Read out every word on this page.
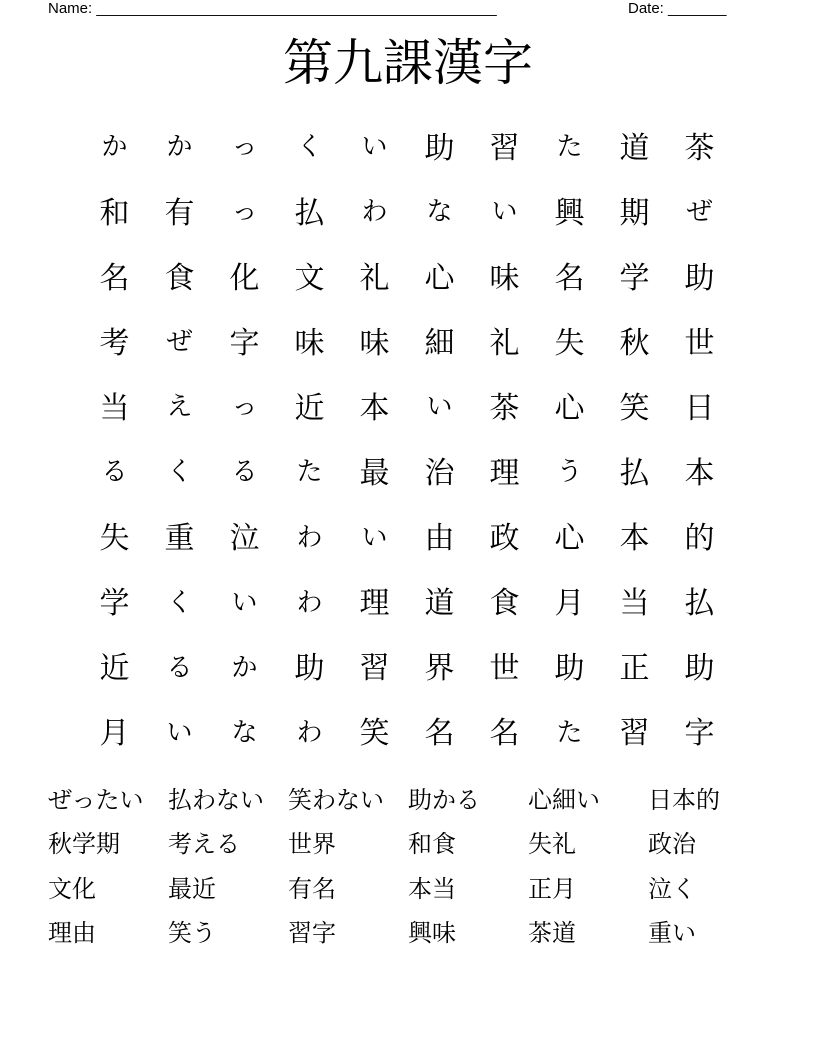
Name: ________________________________________________	Date: _______
第九課漢字
か	か	っ	く	い	助	習	た	道	茶
和	有	っ	払	わ	な	い	興	期	ぜ
名	食	化	文	礼	心	味	名	学	助
考	ぜ	字	味	味	細	礼	失	秋	世
当	え	っ	近	本	い	茶	心	笑	日
る	く	る	た	最	治	理	う	払	本
失	重	泣	わ	い	由	政	心	本	的
学	く	い	わ	理	道	食	月	当	払
近	る	か	助	習	界	世	助	正	助
月	い	な	わ	笑	名	名	た	習	字
ぜったい	払わない	笑わない	助かる	心細い	日本的
秋学期	考える	世界	和食	失礼	政治
文化	最近	有名	本当	正月	泣く
理由	笑う	習字	興味	茶道	重い
